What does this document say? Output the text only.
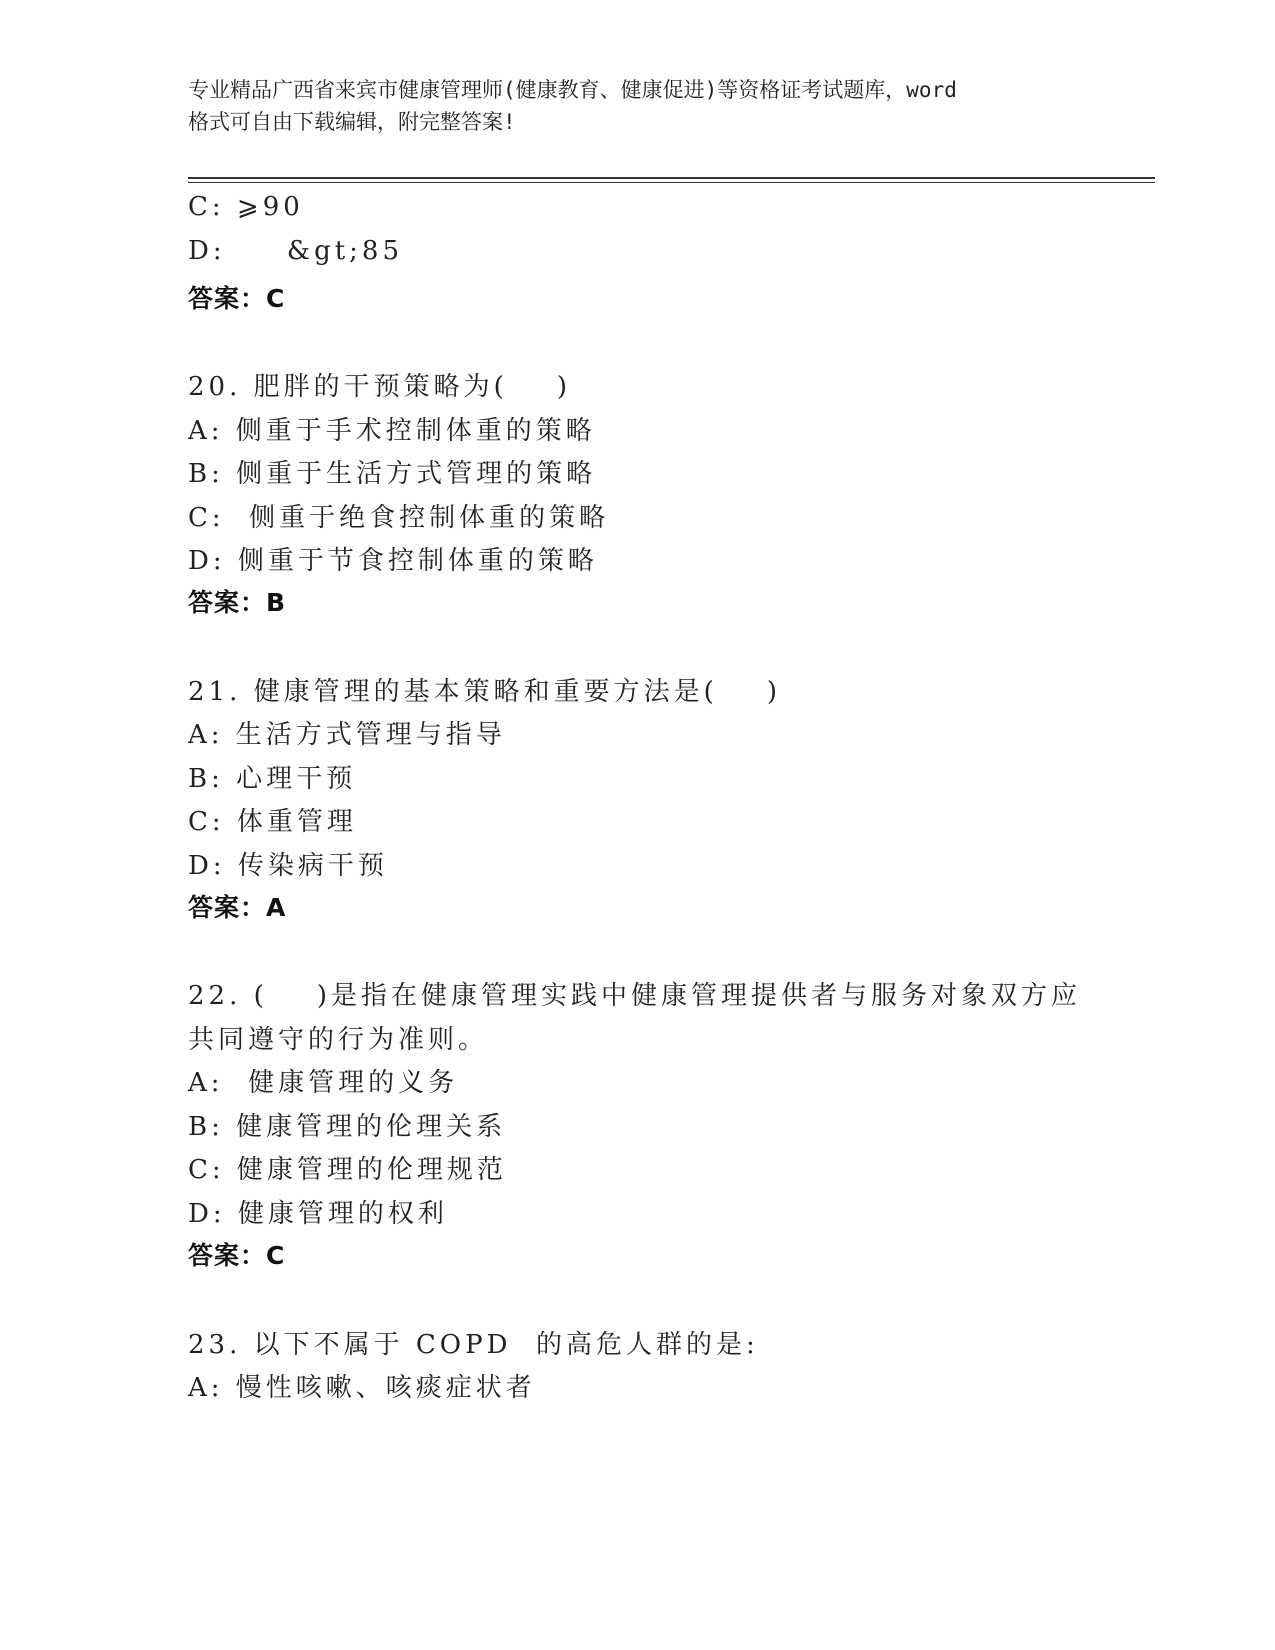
专业精品广西省来宾市健康管理师(健康教育、健康促进)等资格证考试题库，word
格式可自由下载编辑，附完整答案!
C: ⩾90
D:     &gt;85
答案：C
20. 肥胖的干预策略为(    )
A: 侧重于手术控制体重的策略
B: 侧重于生活方式管理的策略
C:  侧重于绝食控制体重的策略
D: 侧重于节食控制体重的策略
答案：B
21. 健康管理的基本策略和重要方法是(    )
A: 生活方式管理与指导
B: 心理干预
C: 体重管理
D: 传染病干预
答案：A
22. (    )是指在健康管理实践中健康管理提供者与服务对象双方应
共同遵守的行为准则。
A:  健康管理的义务
B: 健康管理的伦理关系
C: 健康管理的伦理规范
D: 健康管理的权利
答案：C
23. 以下不属于 COPD  的高危人群的是:
A: 慢性咳嗽、咳痰症状者
